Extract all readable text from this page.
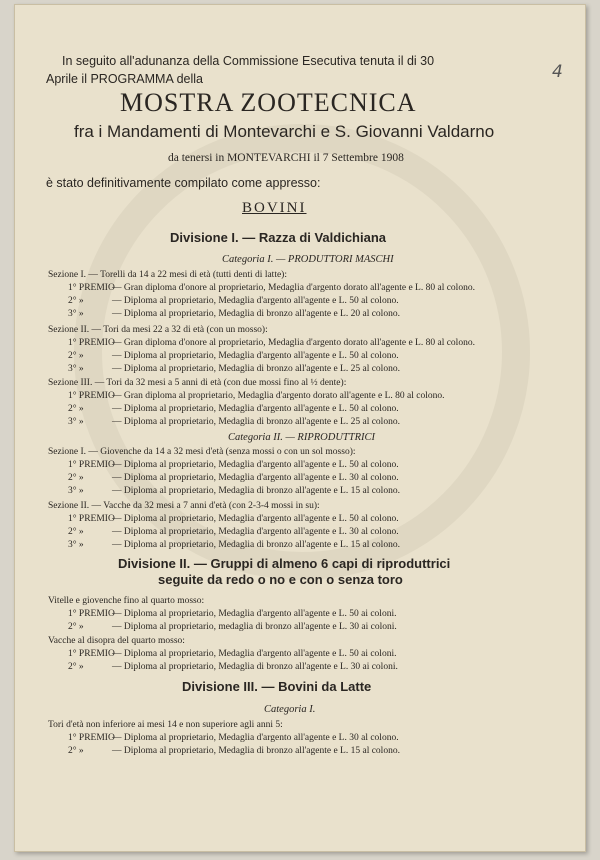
4
In seguito all'adunanza della Commissione Esecutiva tenuta il di 30
Aprile il PROGRAMMA della
MOSTRA ZOOTECNICA
fra i Mandamenti di Montevarchi e S. Giovanni Valdarno
da tenersi in MONTEVARCHI il 7 Settembre 1908
è stato definitivamente compilato come appresso:
BOVINI
Divisione I. — Razza di Valdichiana
Categoria I. — PRODUTTORI MASCHI
Sezione I. — Torelli da 14 a 22 mesi di età (tutti denti di latte):
1° PREMIO— Gran diploma d'onore al proprietario, Medaglia d'argento dorato all'agente e L. 80 al colono.
2° »	— Diploma al proprietario, Medaglia d'argento all'agente e L. 50 al colono.
3° »	— Diploma al proprietario, Medaglia di bronzo all'agente e L. 20 al colono.
Sezione II. — Tori da mesi 22 a 32 di età (con un mosso):
1° PREMIO— Gran diploma d'onore al proprietario, Medaglia d'argento dorato all'agente e L. 80 al colono.
2° »	— Diploma al proprietario, Medaglia d'argento all'agente e L. 50 al colono.
3° »	— Diploma al proprietario, Medaglia di bronzo all'agente e L. 25 al colono.
Sezione III. — Tori da 32 mesi a 5 anni di età (con due mossi fino al ½ dente):
1° PREMIO— Gran diploma al proprietario, Medaglia d'argento dorato all'agente e L. 80 al colono.
2° »	— Diploma al proprietario, Medaglia d'argento all'agente e L. 50 al colono.
3° »	— Diploma al proprietario, Medaglia di bronzo all'agente e L. 25 al colono.
Categoria II. — RIPRODUTTRICI
Sezione I. — Giovenche da 14 a 32 mesi d'età (senza mossi o con un sol mosso):
1° PREMIO— Diploma al proprietario, Medaglia d'argento all'agente e L. 50 al colono.
2° »	— Diploma al proprietario, Medaglia d'argento all'agente e L. 30 al colono.
3° »	— Diploma al proprietario, Medaglia di bronzo all'agente e L. 15 al colono.
Sezione II. — Vacche da 32 mesi a 7 anni d'età (con 2-3-4 mossi in su):
1° PREMIO— Diploma al proprietario, Medaglia d'argento all'agente e L. 50 al colono.
2° »	— Diploma al proprietario, Medaglia d'argento all'agente e L. 30 al colono.
3° »	— Diploma al proprietario, Medaglia di bronzo all'agente e L. 15 al colono.
Divisione II. — Gruppi di almeno 6 capi di riproduttrici
seguite da redo o no e con o senza toro
Vitelle e giovenche fino al quarto mosso:
1° PREMIO— Diploma al proprietario, Medaglia d'argento all'agente e L. 50 ai coloni.
2° »	— Diploma al proprietario, medaglia di bronzo all'agente e L. 30 ai coloni.
Vacche al disopra del quarto mosso:
1° PREMIO— Diploma al proprietario, Medaglia d'argento all'agente e L. 50 ai coloni.
2° »	— Diploma al proprietario, Medaglia di bronzo all'agente e L. 30 ai coloni.
Divisione III. — Bovini da Latte
Categoria I.
Tori d'età non inferiore ai mesi 14 e non superiore agli anni 5:
1° PREMIO— Diploma al proprietario, Medaglia d'argento all'agente e L. 30 al colono.
2° »	— Diploma al proprietario, Medaglia di bronzo all'agente e L. 15 al colono.
